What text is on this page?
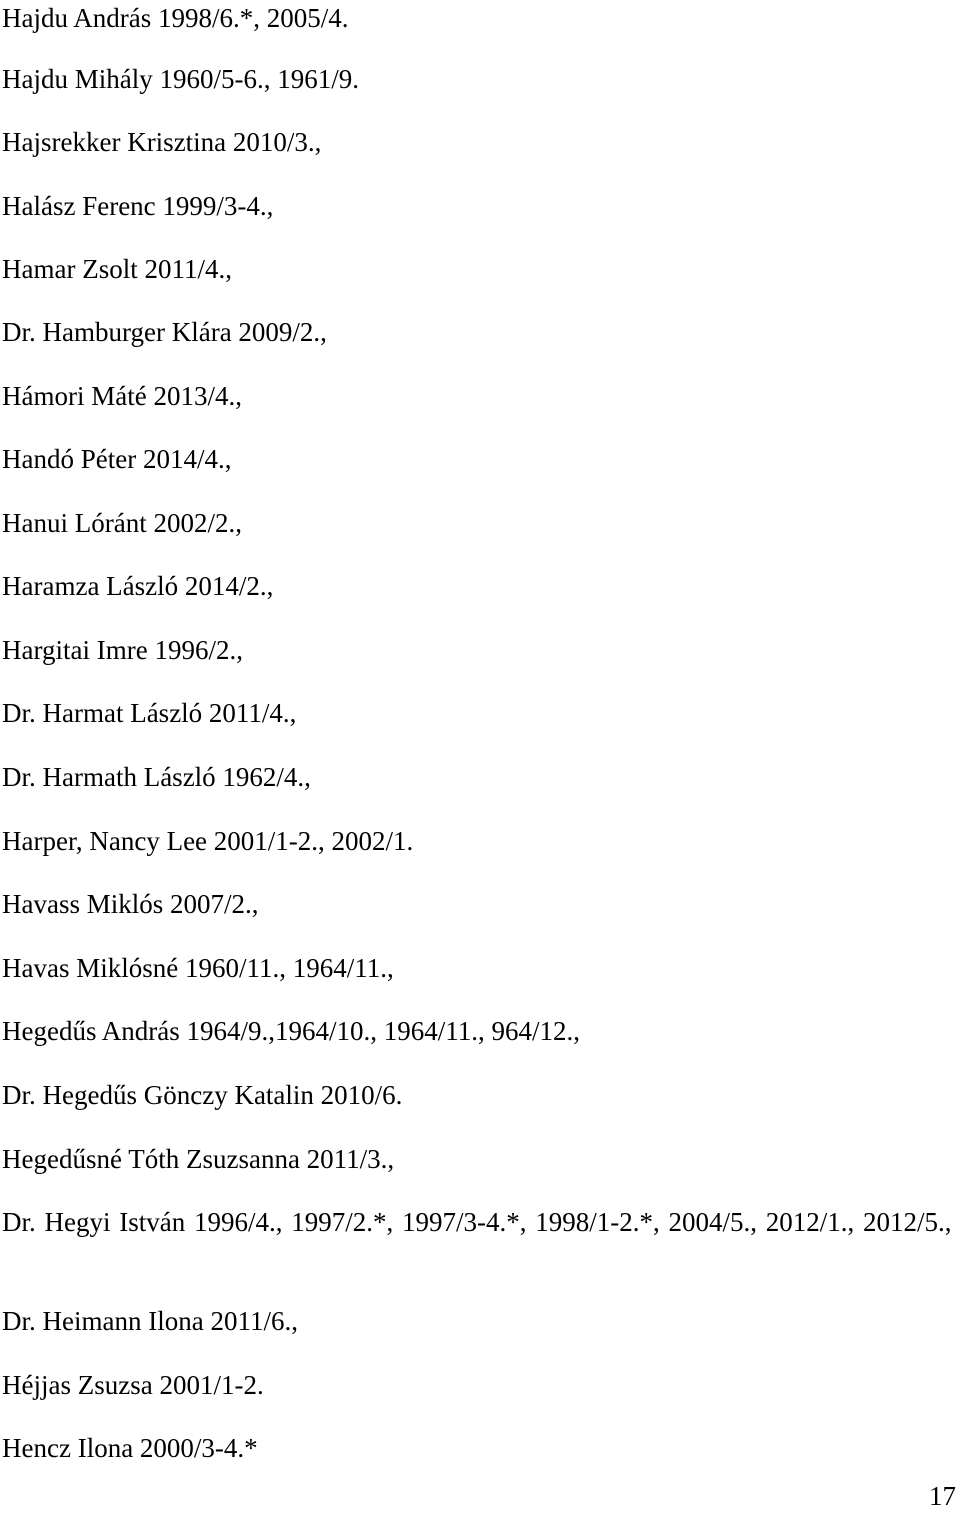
Hajdu András 1998/6.*, 2005/4.
Hajdu Mihály 1960/5-6., 1961/9.
Hajsrekker Krisztina 2010/3.,
Halász Ferenc 1999/3-4.,
Hamar Zsolt 2011/4.,
Dr. Hamburger Klára 2009/2.,
Hámori Máté 2013/4.,
Handó Péter 2014/4.,
Hanui Lóránt 2002/2.,
Haramza László 2014/2.,
Hargitai Imre 1996/2.,
Dr. Harmat László 2011/4.,
Dr. Harmath László 1962/4.,
Harper, Nancy Lee 2001/1-2., 2002/1.
Havass Miklós 2007/2.,
Havas Miklósné 1960/11., 1964/11.,
Hegedűs András 1964/9.,1964/10., 1964/11., 964/12.,
Dr. Hegedűs Gönczy Katalin 2010/6.
Hegedűsné Tóth Zsuzsanna 2011/3.,
Dr. Hegyi István 1996/4., 1997/2.*, 1997/3-4.*, 1998/1-2.*, 2004/5., 2012/1., 2012/5.,
Dr. Heimann Ilona 2011/6.,
Héjjas Zsuzsa 2001/1-2.
Hencz Ilona 2000/3-4.*
17
